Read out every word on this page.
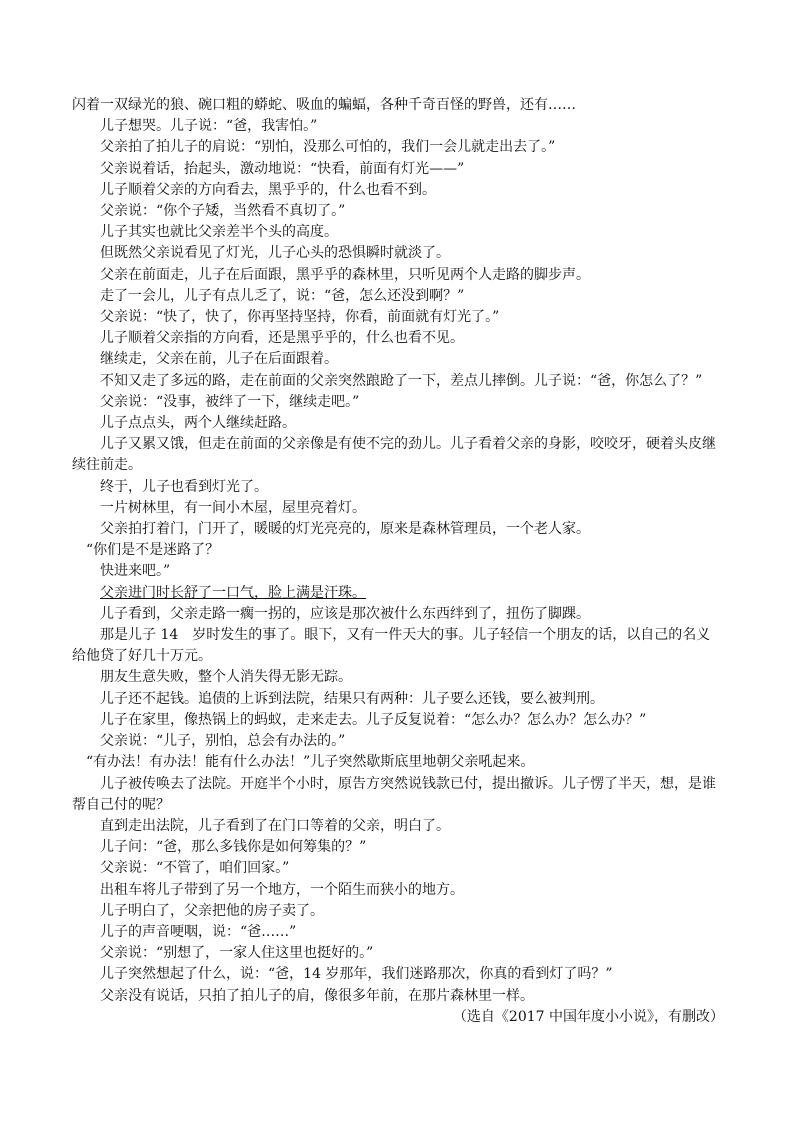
闪着一双绿光的狼、碗口粗的蟒蛇、吸血的蝙蝠，各种千奇百怪的野兽，还有……

儿子想哭。儿子说：“爸，我害怕。”

父亲拍了拍儿子的肩说：“别怕，没那么可怕的，我们一会儿就走出去了。”

父亲说着话，抬起头，激动地说：“快看，前面有灯光——”

儿子顺着父亲的方向看去，黑乎乎的，什么也看不到。

父亲说：“你个子矮，当然看不真切了。”

儿子其实也就比父亲差半个头的高度。

但既然父亲说看见了灯光，儿子心头的恐惧瞬时就淡了。

父亲在前面走，儿子在后面跟，黑乎乎的森林里，只听见两个人走路的脚步声。

走了一会儿，儿子有点儿乏了，说：“爸，怎么还没到啊？”

父亲说：“快了，快了，你再坚持坚持，你看，前面就有灯光了。”

儿子顺着父亲指的方向看，还是黑乎乎的，什么也看不见。

继续走，父亲在前，儿子在后面跟着。

不知又走了多远的路，走在前面的父亲突然踉跄了一下，差点儿摔倒。儿子说：“爸，你怎么了？”

父亲说：“没事，被绊了一下，继续走吧。”

儿子点点头，两个人继续赶路。

儿子又累又饿，但走在前面的父亲像是有使不完的劲儿。儿子看着父亲的身影，咬咬牙，硬着头皮继续往前走。

终于，儿子也看到灯光了。

一片树林里，有一间小木屋，屋里亮着灯。

父亲拍打着门，门开了，暖暖的灯光亮亮的，原来是森林管理员，一个老人家。

“你们是不是迷路了？

快进来吧。”

父亲进门时长舒了一口气，脸上满是汗珠。

儿子看到，父亲走路一瘸一拐的，应该是那次被什么东西绊到了，扭伤了脚踝。

那是儿子 14　岁时发生的事了。眼下，又有一件天大的事。儿子轻信一个朋友的话，以自己的名义给他贷了好几十万元。

朋友生意失败，整个人消失得无影无踪。

儿子还不起钱。追债的上诉到法院，结果只有两种：儿子要么还钱，要么被判刑。

儿子在家里，像热锅上的蚂蚁，走来走去。儿子反复说着：“怎么办？怎么办？怎么办？”

父亲说：“儿子，别怕，总会有办法的。”

“有办法！有办法！能有什么办法！”儿子突然歇斯底里地朝父亲吼起来。

儿子被传唤去了法院。开庭半个小时，原告方突然说钱款已付，提出撤诉。儿子愣了半天，想，是谁帮自己付的呢？

直到走出法院，儿子看到了在门口等着的父亲，明白了。

儿子问：“爸，那么多钱你是如何筹集的？”

父亲说：“不管了，咱们回家。”

出租车将儿子带到了另一个地方，一个陌生而狭小的地方。

儿子明白了，父亲把他的房子卖了。

儿子的声音哽咽，说：“爸……”

父亲说：“别想了，一家人住这里也挺好的。”

儿子突然想起了什么，说：“爸，14 岁那年，我们迷路那次，你真的看到灯了吗？”

父亲没有说话，只拍了拍儿子的肩，像很多年前，在那片森林里一样。

（选自《2017 中国年度小小说》，有删改）
